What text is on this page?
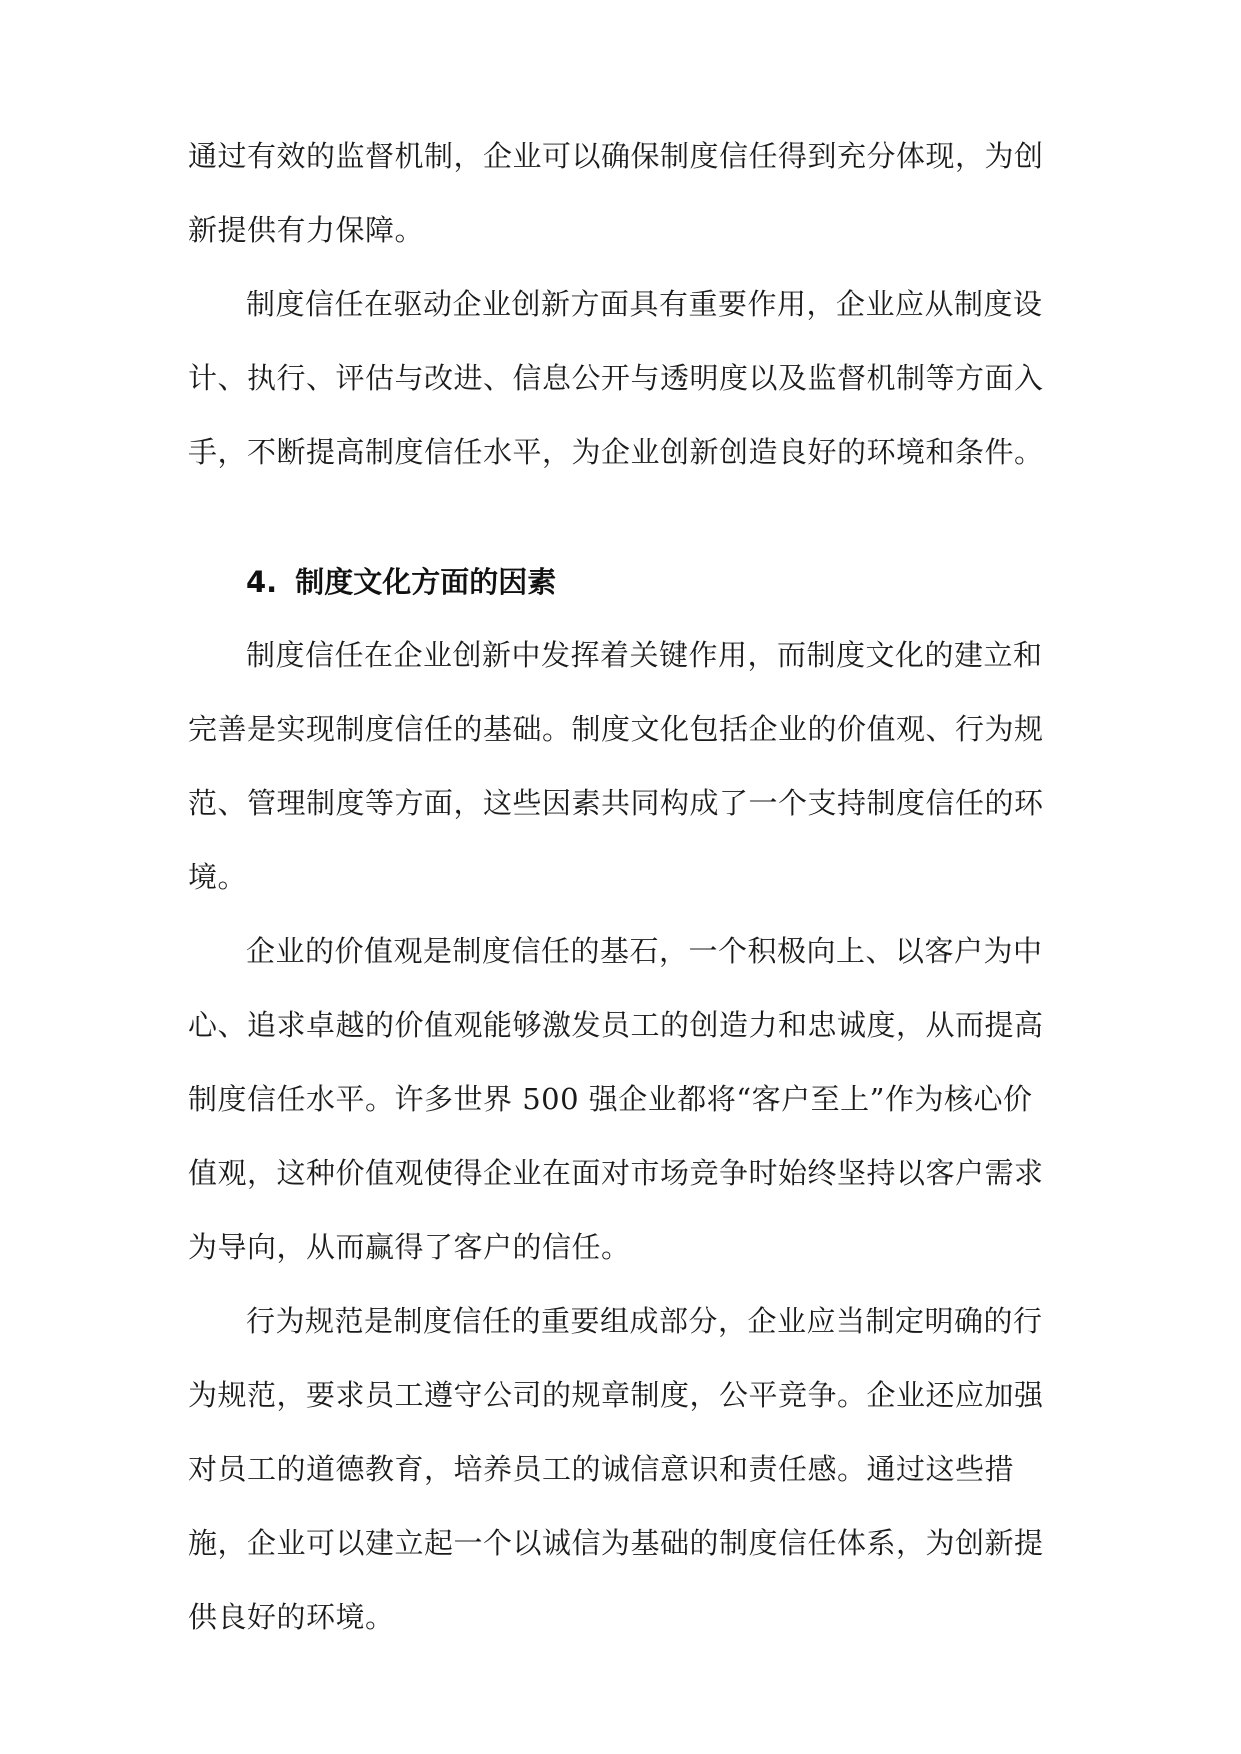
通过有效的监督机制，企业可以确保制度信任得到充分体现，为创新提供有力保障。

制度信任在驱动企业创新方面具有重要作用，企业应从制度设计、执行、评估与改进、信息公开与透明度以及监督机制等方面入手，不断提高制度信任水平，为企业创新创造良好的环境和条件。

4. 制度文化方面的因素

制度信任在企业创新中发挥着关键作用，而制度文化的建立和完善是实现制度信任的基础。制度文化包括企业的价值观、行为规范、管理制度等方面，这些因素共同构成了一个支持制度信任的环境。

企业的价值观是制度信任的基石，一个积极向上、以客户为中心、追求卓越的价值观能够激发员工的创造力和忠诚度，从而提高制度信任水平。许多世界 500 强企业都将“客户至上”作为核心价值观，这种价值观使得企业在面对市场竞争时始终坚持以客户需求为导向，从而赢得了客户的信任。

行为规范是制度信任的重要组成部分，企业应当制定明确的行为规范，要求员工遵守公司的规章制度，公平竞争。企业还应加强对员工的道德教育，培养员工的诚信意识和责任感。通过这些措施，企业可以建立起一个以诚信为基础的制度信任体系，为创新提供良好的环境。
